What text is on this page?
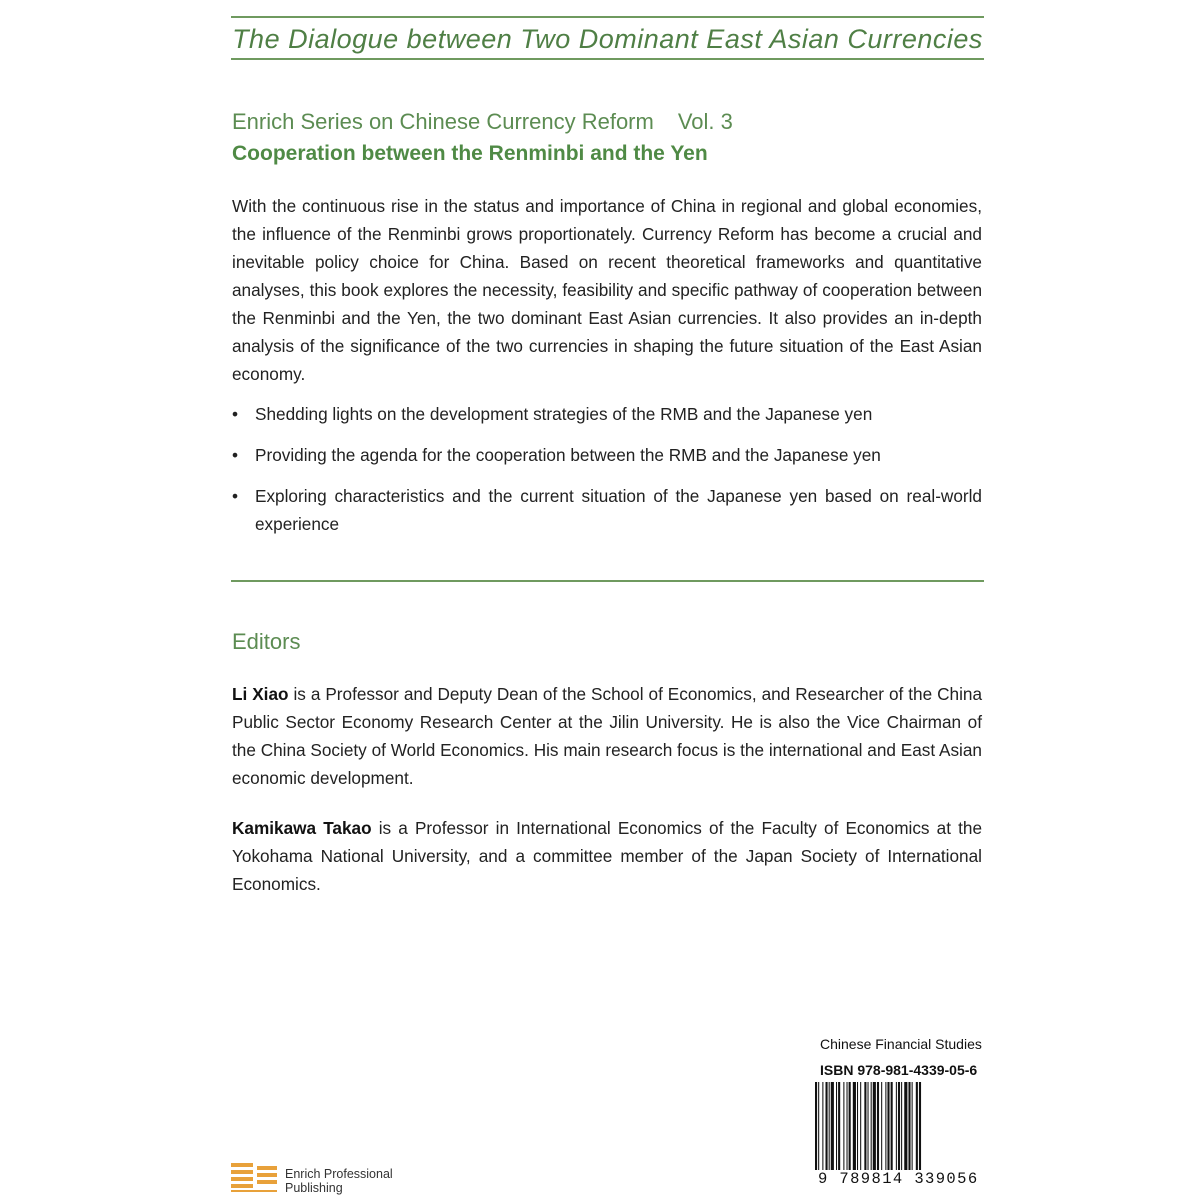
The Dialogue between Two Dominant East Asian Currencies
Enrich Series on Chinese Currency Reform Vol. 3
Cooperation between the Renminbi and the Yen
With the continuous rise in the status and importance of China in regional and global economies, the influence of the Renminbi grows proportionately. Currency Reform has become a crucial and inevitable policy choice for China. Based on recent theoretical frameworks and quantitative analyses, this book explores the necessity, feasibility and specific pathway of cooperation between the Renminbi and the Yen, the two dominant East Asian currencies. It also provides an in-depth analysis of the significance of the two currencies in shaping the future situation of the East Asian economy.
• Shedding lights on the development strategies of the RMB and the Japanese yen
• Providing the agenda for the cooperation between the RMB and the Japanese yen
• Exploring characteristics and the current situation of the Japanese yen based on real-world experience
Editors
Li Xiao is a Professor and Deputy Dean of the School of Economics, and Researcher of the China Public Sector Economy Research Center at the Jilin University. He is also the Vice Chairman of the China Society of World Economics. His main research focus is the international and East Asian economic development.
Kamikawa Takao is a Professor in International Economics of the Faculty of Economics at the Yokohama National University, and a committee member of the Japan Society of International Economics.
Chinese Financial Studies
ISBN 978-981-4339-05-6
9 789814 339056
Enrich Professional
Publishing
